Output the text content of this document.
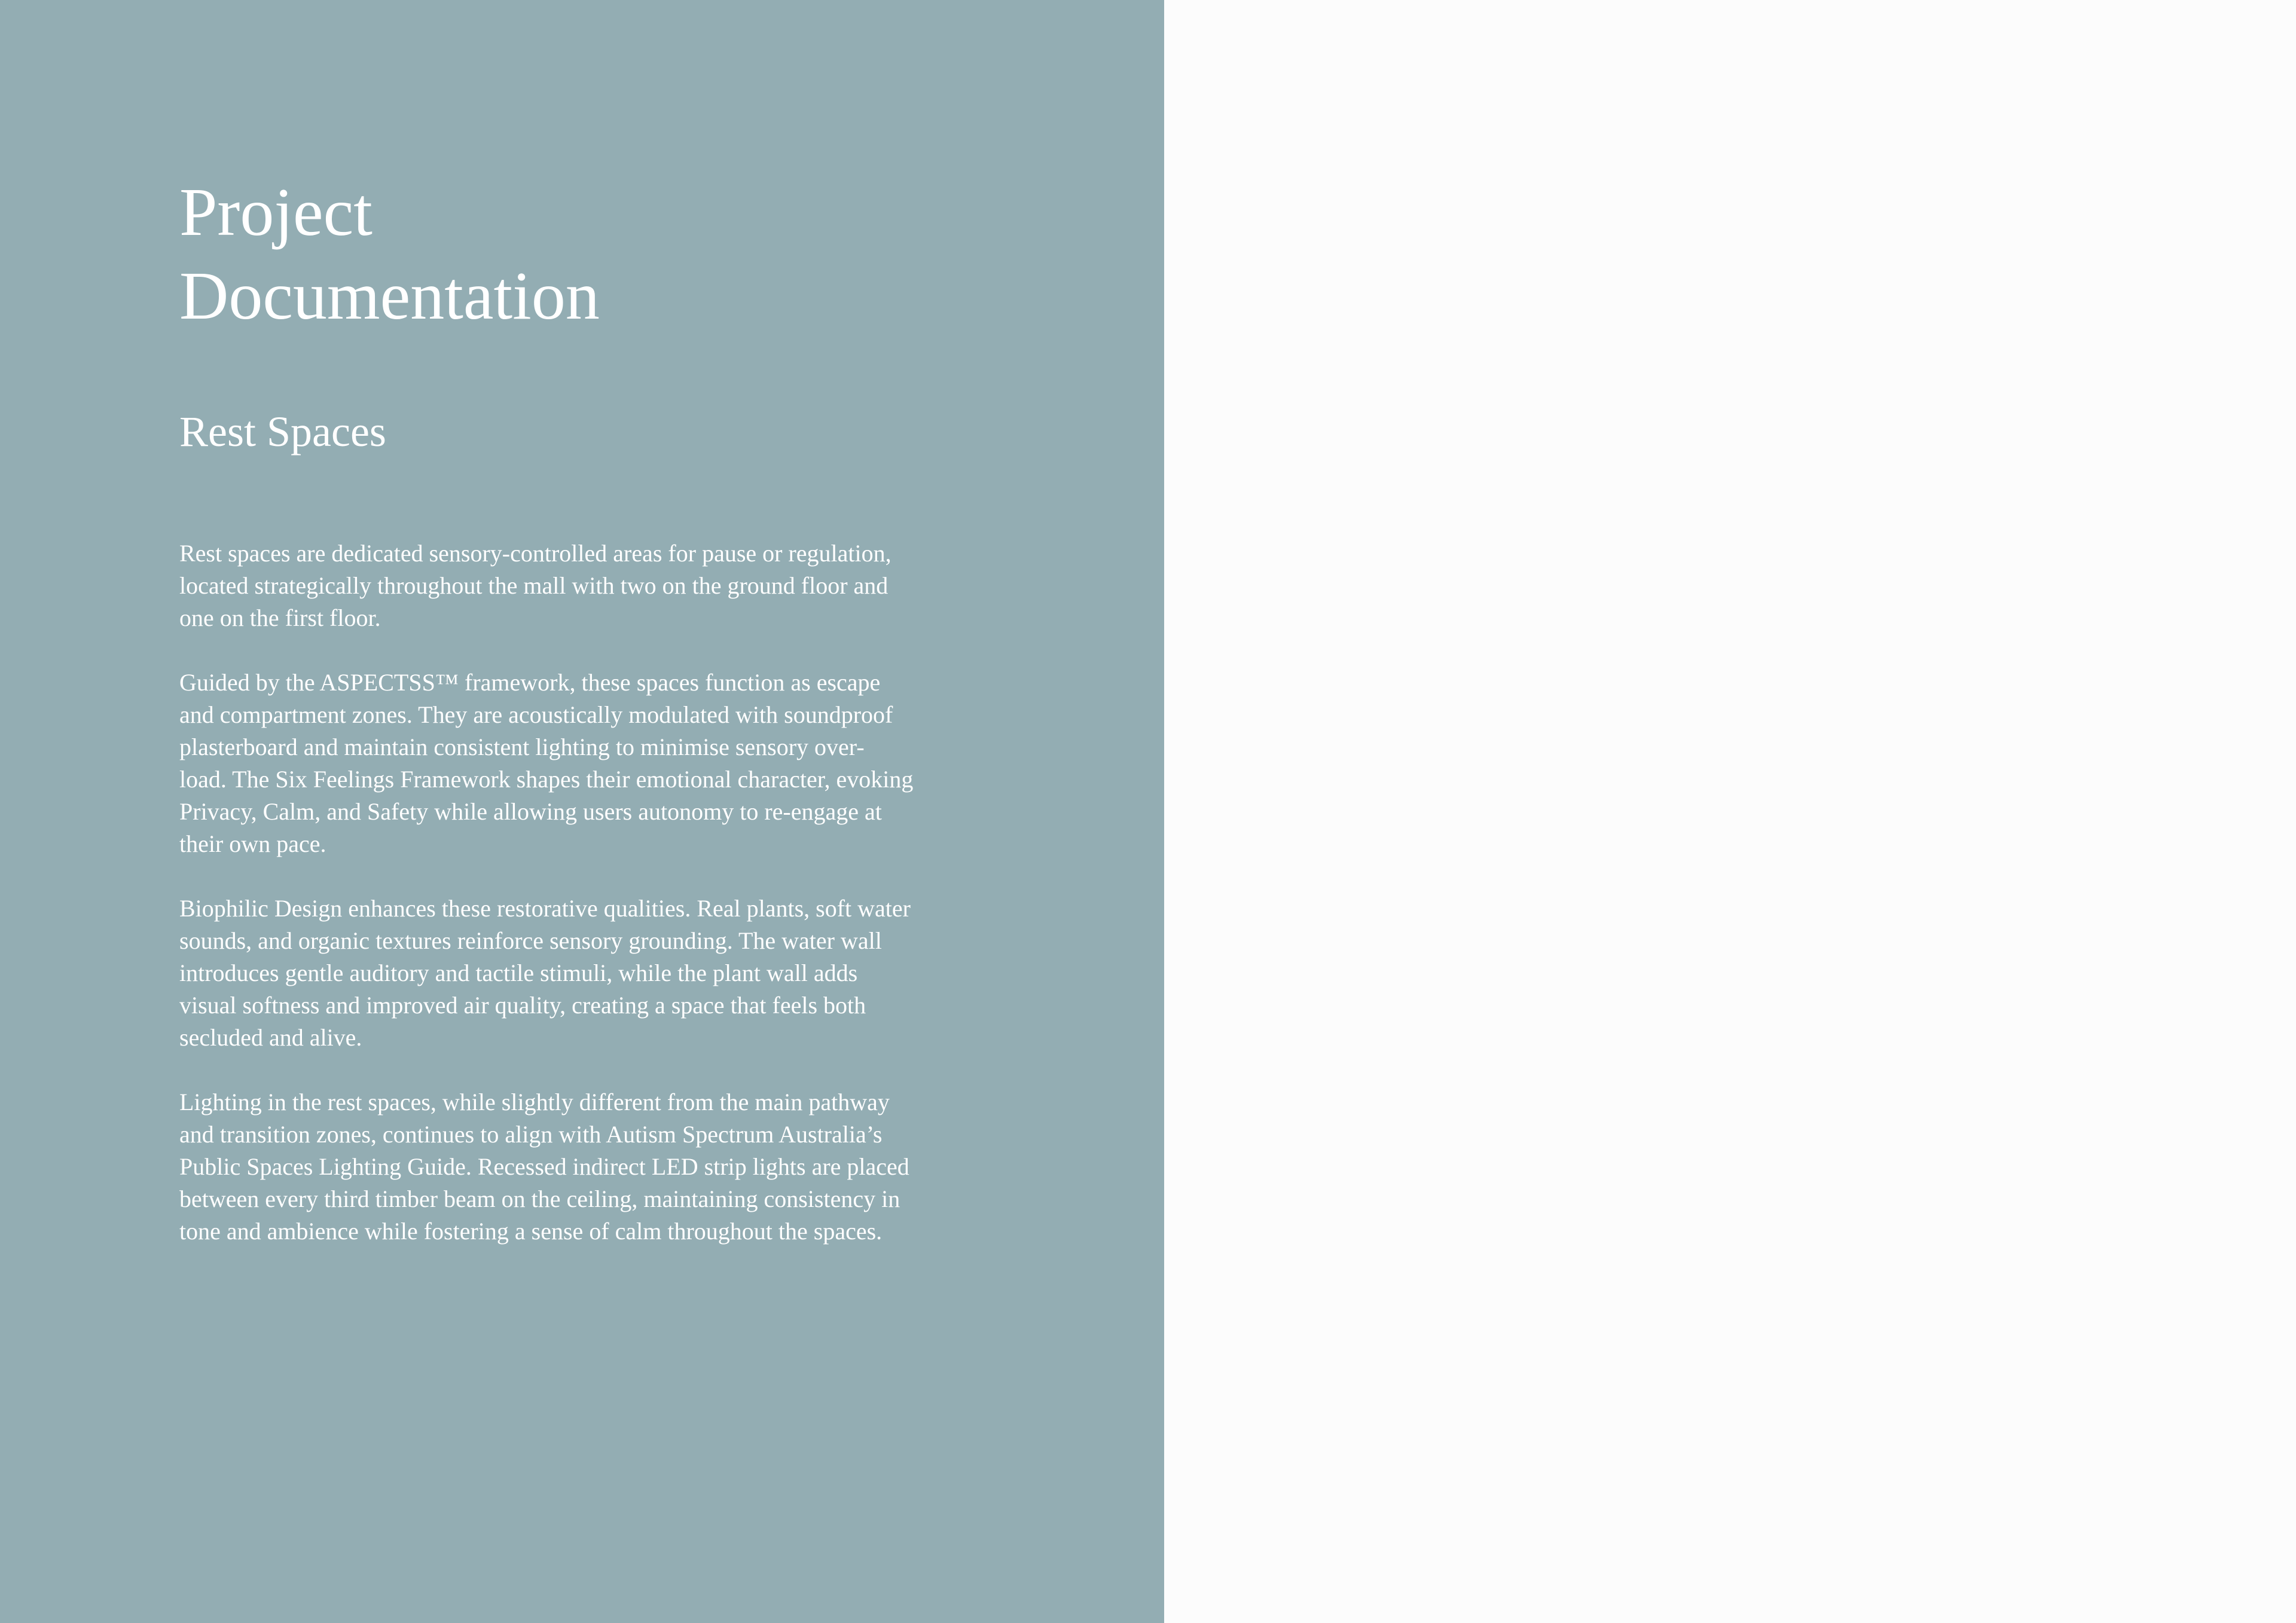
Project
Documentation
Rest Spaces

Rest spaces are dedicated sensory-controlled areas for pause or regulation,
located strategically throughout the mall with two on the ground floor and
one on the first floor.

Guided by the ASPECTSS™ framework, these spaces function as escape
and compartment zones. They are acoustically modulated with soundproof
plasterboard and maintain consistent lighting to minimise sensory over-
load. The Six Feelings Framework shapes their emotional character, evoking
Privacy, Calm, and Safety while allowing users autonomy to re-engage at
their own pace.

Biophilic Design enhances these restorative qualities. Real plants, soft water
sounds, and organic textures reinforce sensory grounding. The water wall
introduces gentle auditory and tactile stimuli, while the plant wall adds
visual softness and improved air quality, creating a space that feels both
secluded and alive.

Lighting in the rest spaces, while slightly different from the main pathway
and transition zones, continues to align with Autism Spectrum Australia’s
Public Spaces Lighting Guide. Recessed indirect LED strip lights are placed
between every third timber beam on the ceiling, maintaining consistency in
tone and ambience while fostering a sense of calm throughout the spaces.
